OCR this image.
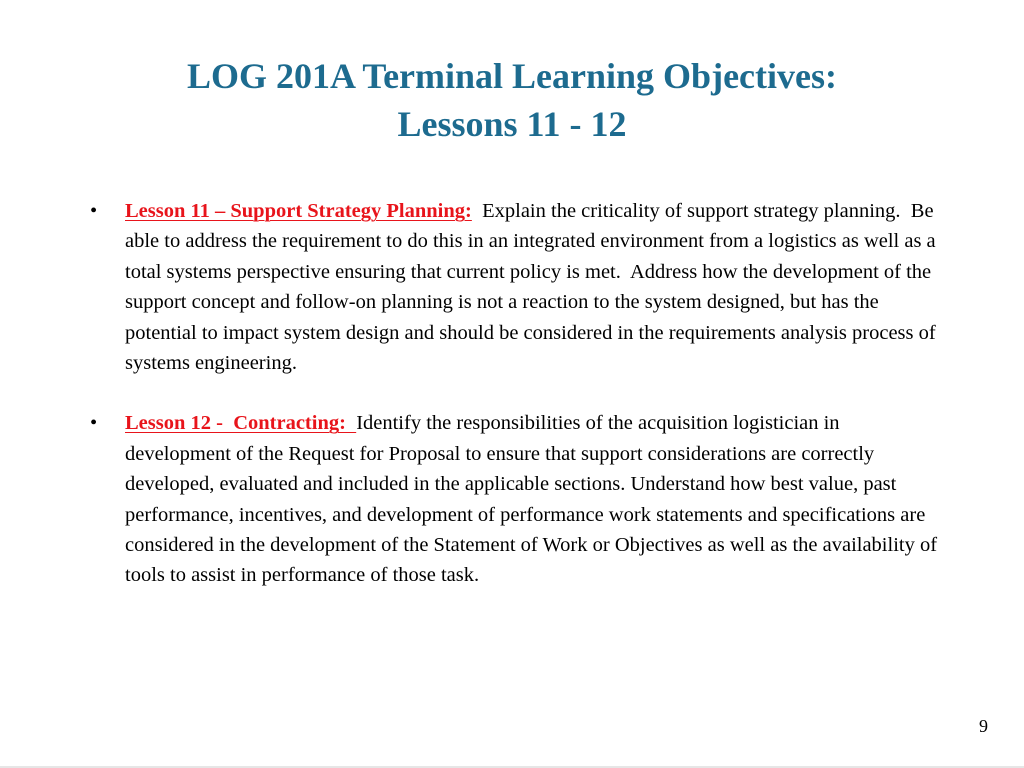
LOG 201A Terminal Learning Objectives:
Lessons 11 - 12
•	Lesson 11 – Support Strategy Planning:  Explain the criticality of support strategy planning.  Be able to address the requirement to do this in an integrated environment from a logistics as well as a total systems perspective ensuring that current policy is met.  Address how the development of the support concept and follow-on planning is not a reaction to the system designed, but has the potential to impact system design and should be considered in the requirements analysis process of systems engineering.
•	Lesson 12 -  Contracting:  Identify the responsibilities of the acquisition logistician in development of the Request for Proposal to ensure that support considerations are correctly developed, evaluated and included in the applicable sections. Understand how best value, past performance, incentives, and development of performance work statements and specifications are considered in the development of the Statement of Work or Objectives as well as the availability of tools to assist in performance of those task.
9
